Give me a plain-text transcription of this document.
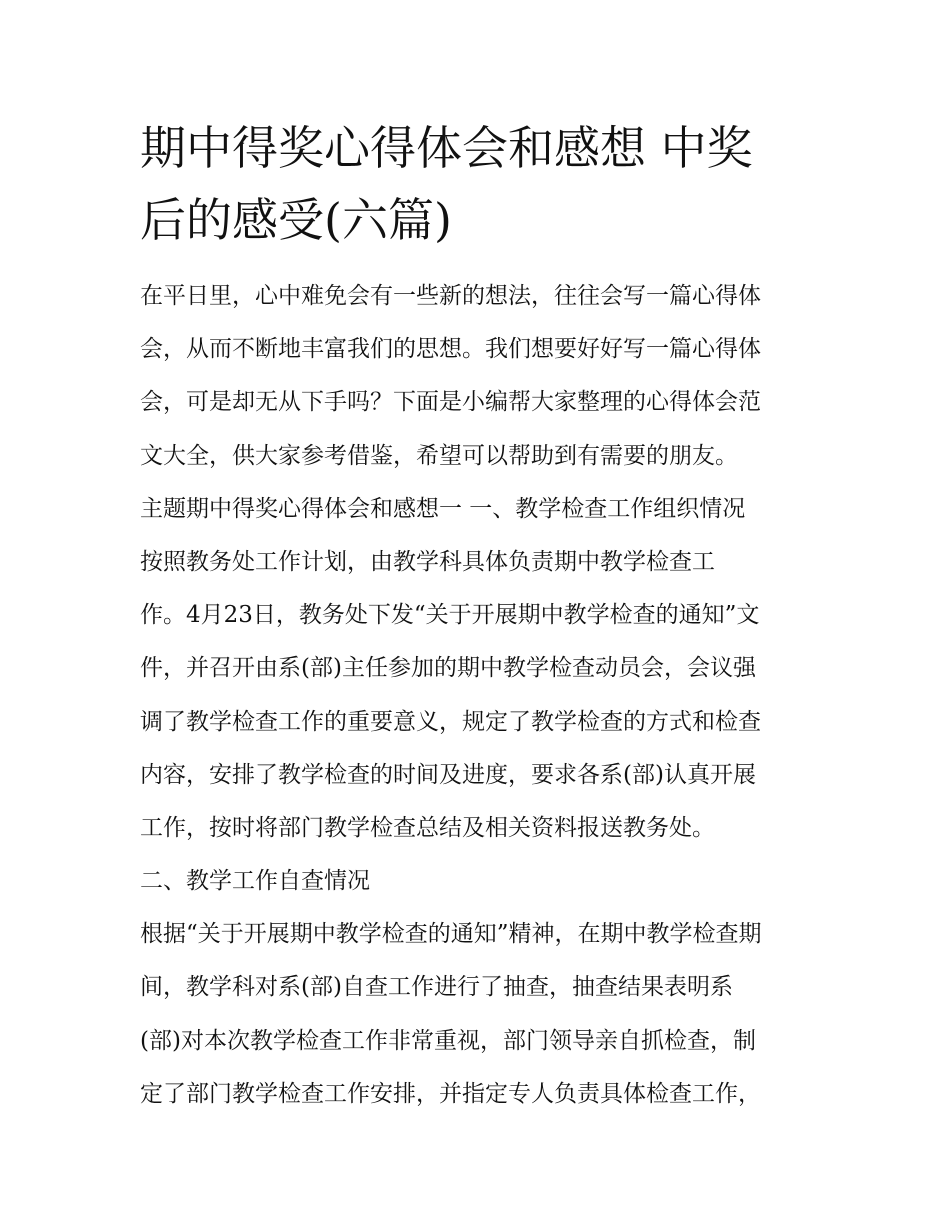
期中得奖心得体会和感想 中奖
后的感受(六篇)
在平日里，心中难免会有一些新的想法，往往会写一篇心得体
会，从而不断地丰富我们的思想。我们想要好好写一篇心得体
会，可是却无从下手吗？下面是小编帮大家整理的心得体会范
文大全，供大家参考借鉴，希望可以帮助到有需要的朋友。
主题期中得奖心得体会和感想一 一、教学检查工作组织情况
按照教务处工作计划，由教学科具体负责期中教学检查工
作。4月23日，教务处下发“关于开展期中教学检查的通知”文
件，并召开由系(部)主任参加的期中教学检查动员会，会议强
调了教学检查工作的重要意义，规定了教学检查的方式和检查
内容，安排了教学检查的时间及进度，要求各系(部)认真开展
工作，按时将部门教学检查总结及相关资料报送教务处。
二、教学工作自查情况
根据“关于开展期中教学检查的通知”精神，在期中教学检查期
间，教学科对系(部)自查工作进行了抽查，抽查结果表明系
(部)对本次教学检查工作非常重视，部门领导亲自抓检查，制
定了部门教学检查工作安排，并指定专人负责具体检查工作，
